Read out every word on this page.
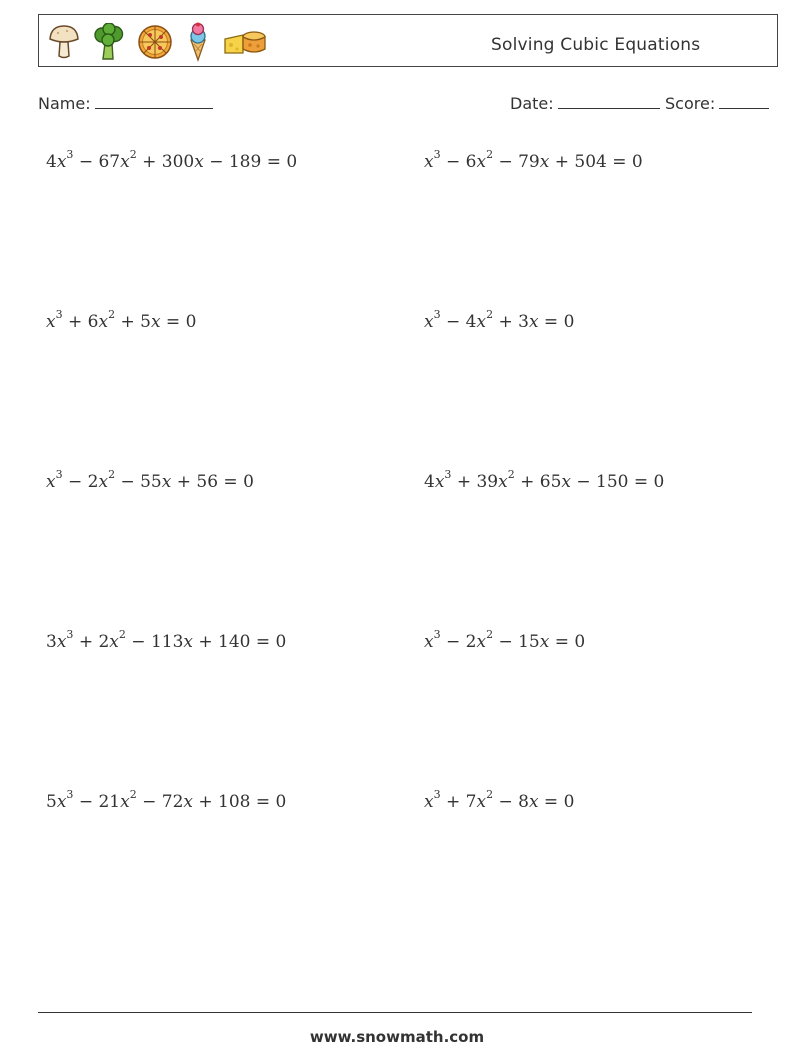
Solving Cubic Equations
Name:	Date:	Score:
$4x^3 - 67x^2 + 300x - 189 = 0$	$x^3 - 6x^2 - 79x + 504 = 0$
$x^3 + 6x^2 + 5x = 0$	$x^3 - 4x^2 + 3x = 0$
$x^3 - 2x^2 - 55x + 56 = 0$	$4x^3 + 39x^2 + 65x - 150 = 0$
$3x^3 + 2x^2 - 113x + 140 = 0$	$x^3 - 2x^2 - 15x = 0$
$5x^3 - 21x^2 - 72x + 108 = 0$	$x^3 + 7x^2 - 8x = 0$
www.snowmath.com
